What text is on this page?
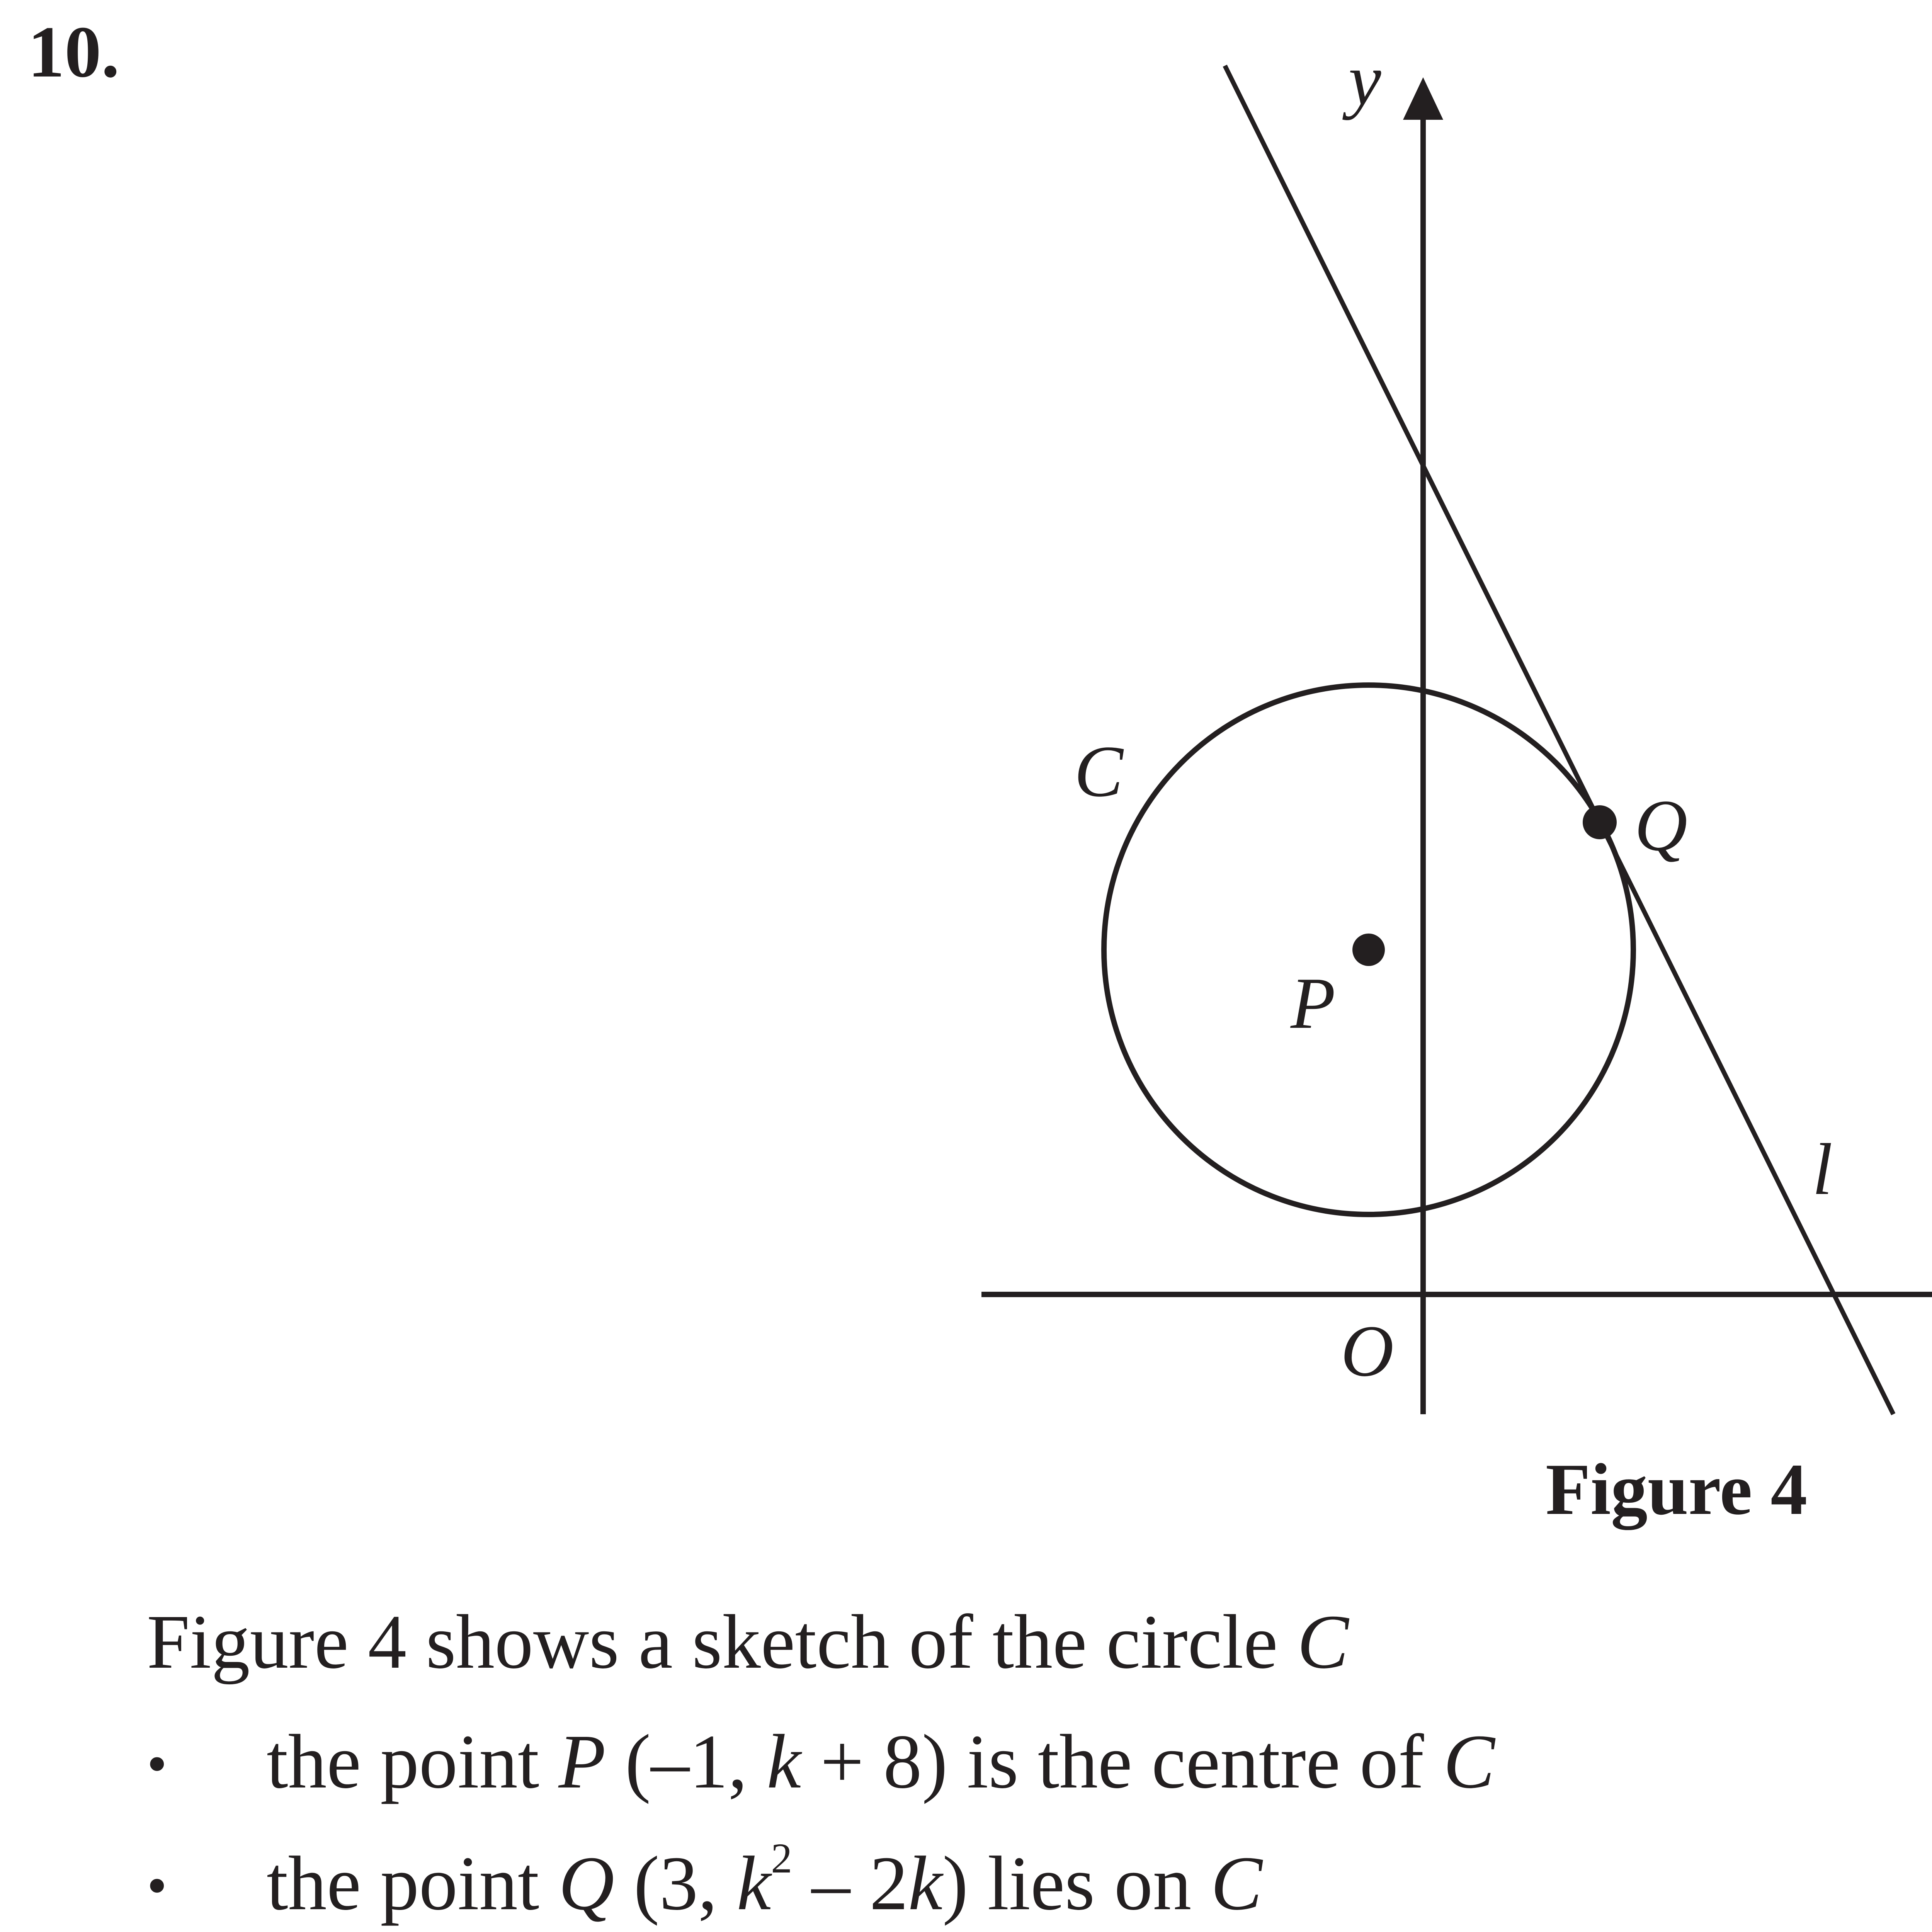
10.	y
O
C
P
Q
l
Figure 4
Figure 4 shows a sketch of the circle C
• the point P (–1, k + 8) is the centre of C
• the point Q (3, $k^2 - 2k$) lies on C
